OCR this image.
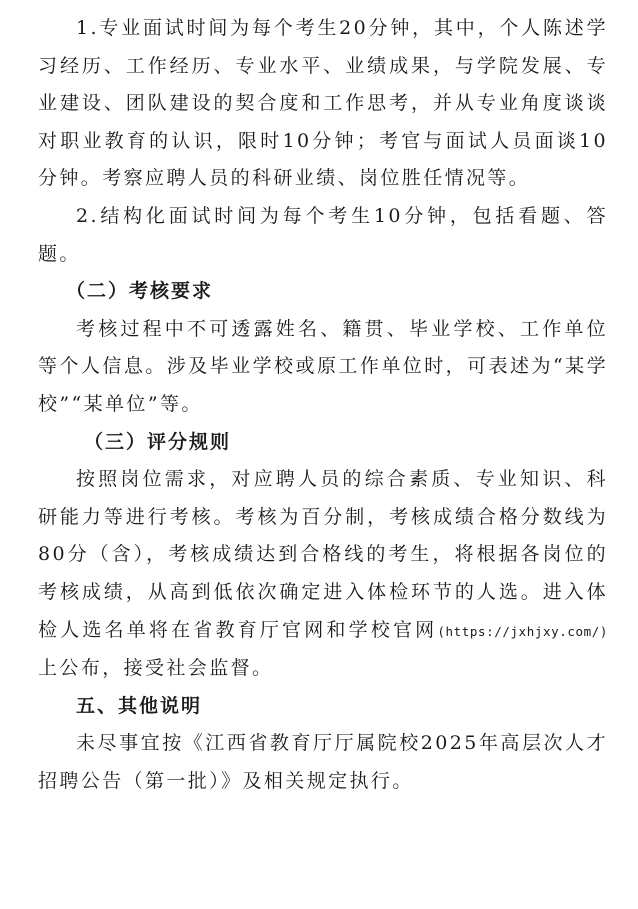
1.专业面试时间为每个考生20分钟，其中，个人陈述学习经历、工作经历、专业水平、业绩成果，与学院发展、专业建设、团队建设的契合度和工作思考，并从专业角度谈谈对职业教育的认识，限时10分钟；考官与面试人员面谈10分钟。考察应聘人员的科研业绩、岗位胜任情况等。

2.结构化面试时间为每个考生10分钟，包括看题、答题。

（二）考核要求

考核过程中不可透露姓名、籍贯、毕业学校、工作单位等个人信息。涉及毕业学校或原工作单位时，可表述为“某学校”“某单位”等。

（三）评分规则

按照岗位需求，对应聘人员的综合素质、专业知识、科研能力等进行考核。考核为百分制，考核成绩合格分数线为80分（含），考核成绩达到合格线的考生，将根据各岗位的考核成绩，从高到低依次确定进入体检环节的人选。进入体检人选名单将在省教育厅官网和学校官网(https://jxhjxy.com/)上公布，接受社会监督。

五、其他说明

未尽事宜按《江西省教育厅厅属院校2025年高层次人才招聘公告（第一批）》及相关规定执行。
